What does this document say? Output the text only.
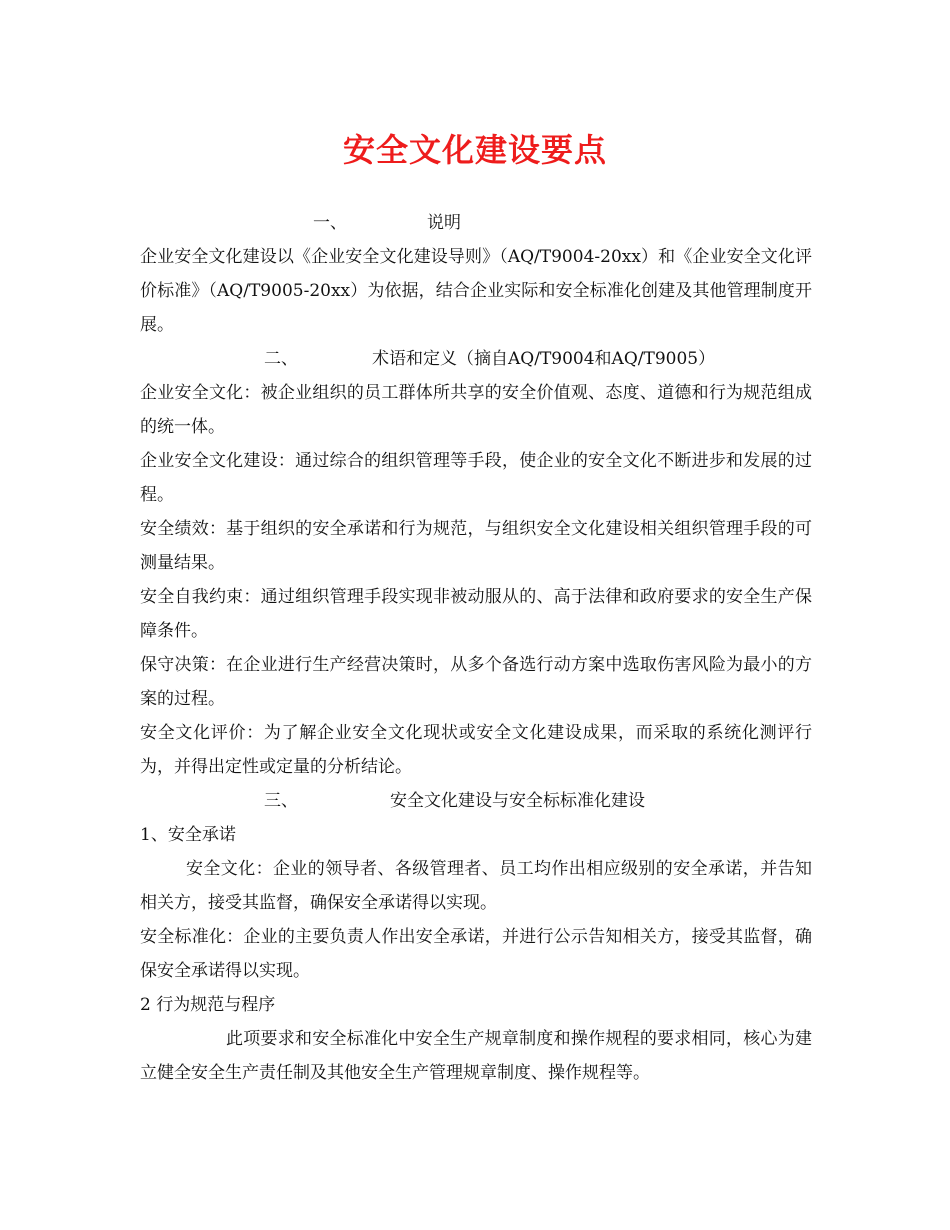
安全文化建设要点

一、	说明

企业安全文化建设以《企业安全文化建设导则》（AQ/T9004-20xx）和《企业安全文化评价标准》（AQ/T9005-20xx）为依据，结合企业实际和安全标准化创建及其他管理制度开展。

二、	术语和定义（摘自AQ/T9004和AQ/T9005）

企业安全文化：被企业组织的员工群体所共享的安全价值观、态度、道德和行为规范组成的统一体。

企业安全文化建设：通过综合的组织管理等手段，使企业的安全文化不断进步和发展的过程。

安全绩效：基于组织的安全承诺和行为规范，与组织安全文化建设相关组织管理手段的可测量结果。

安全自我约束：通过组织管理手段实现非被动服从的、高于法律和政府要求的安全生产保障条件。

保守决策：在企业进行生产经营决策时，从多个备选行动方案中选取伤害风险为最小的方案的过程。

安全文化评价：为了解企业安全文化现状或安全文化建设成果，而采取的系统化测评行为，并得出定性或定量的分析结论。

三、	安全文化建设与安全标标准化建设

1、安全承诺

安全文化：企业的领导者、各级管理者、员工均作出相应级别的安全承诺，并告知相关方，接受其监督，确保安全承诺得以实现。

安全标准化：企业的主要负责人作出安全承诺，并进行公示告知相关方，接受其监督，确保安全承诺得以实现。

2 行为规范与程序

此项要求和安全标准化中安全生产规章制度和操作规程的要求相同，核心为建立健全安全生产责任制及其他安全生产管理规章制度、操作规程等。
